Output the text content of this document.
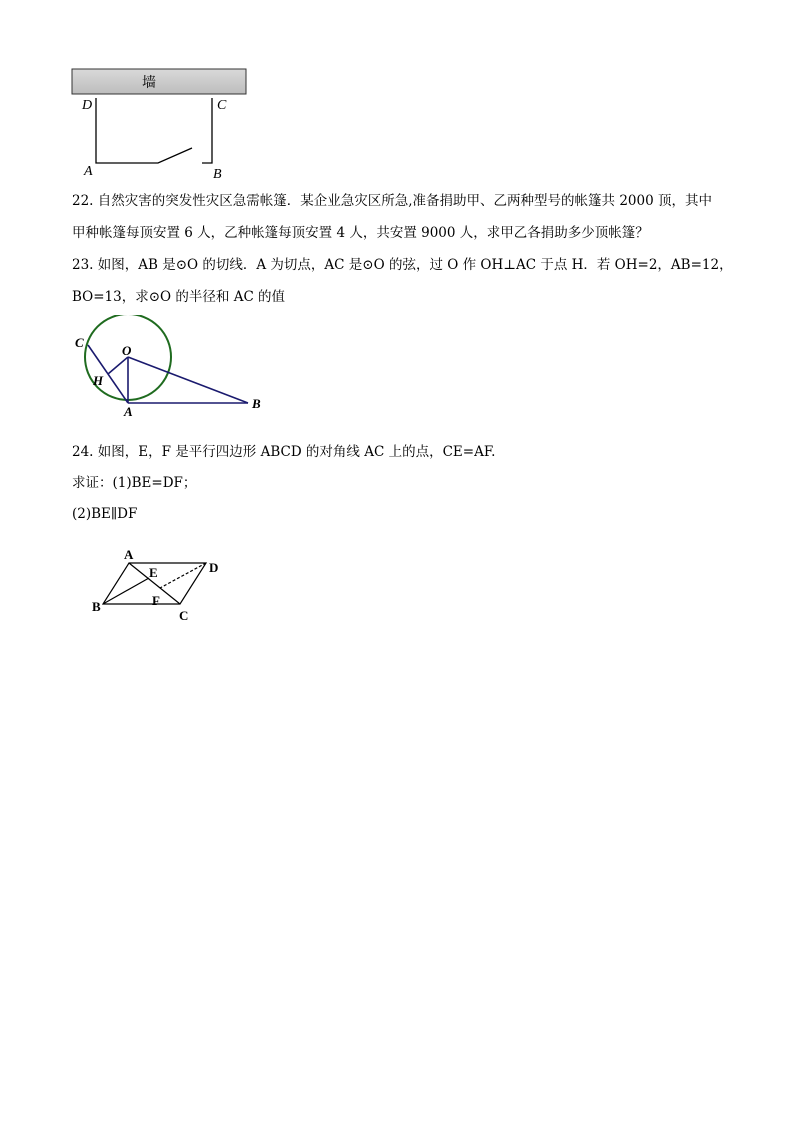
墙
D	C
A	B
22. 自然灾害的突发性灾区急需帐篷．某企业急灾区所急,准备捐助甲、乙两种型号的帐篷共 2000 顶，其中
甲种帐篷每顶安置 6 人，乙种帐篷每顶安置 4 人，共安置 9000 人，求甲乙各捐助多少顶帐篷？
23. 如图，AB 是⊙O 的切线．A 为切点，AC 是⊙O 的弦，过 O 作 OH⊥AC 于点 H．若 OH=2，AB=12，
BO=13，求⊙O 的半径和 AC 的值
C
O
H
A
B
24. 如图，E，F 是平行四边形 ABCD 的对角线 AC 上的点，CE=AF.
求证：(1)BE=DF；
(2)BE∥DF
A
D
E
F
B
C
